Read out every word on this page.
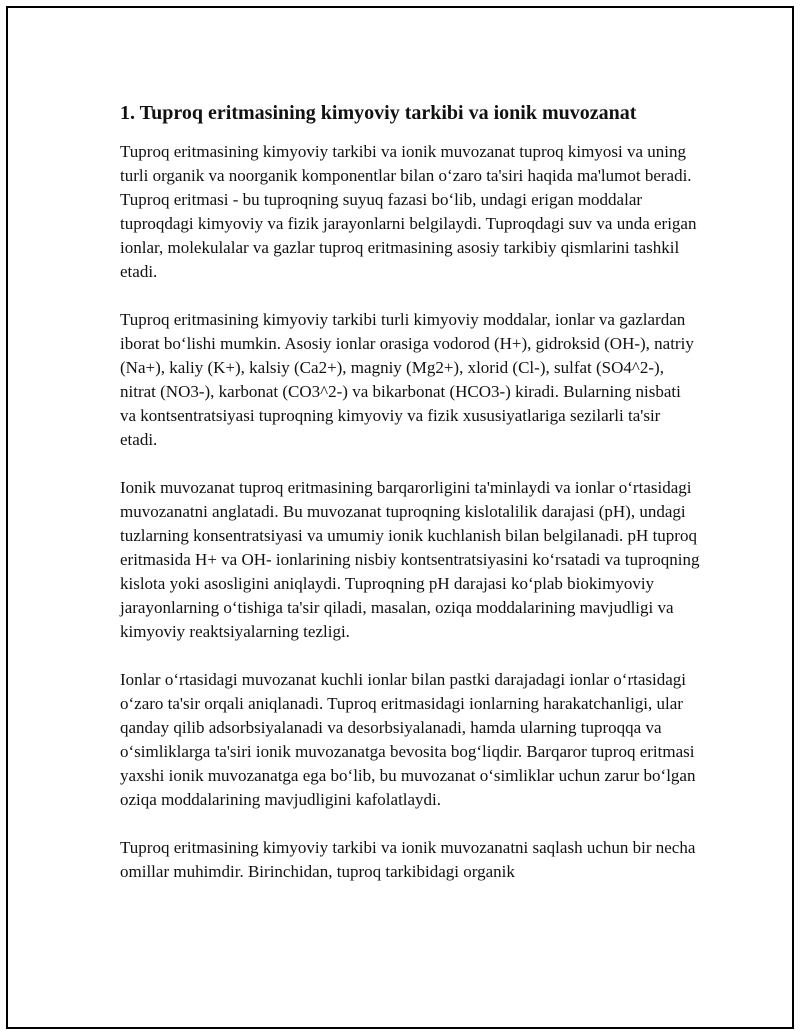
1. Tuproq eritmasining kimyoviy tarkibi va ionik muvozanat

Tuproq eritmasining kimyoviy tarkibi va ionik muvozanat tuproq kimyosi va uning turli organik va noorganik komponentlar bilan oʻzaro ta'siri haqida ma'lumot beradi. Tuproq eritmasi - bu tuproqning suyuq fazasi boʻlib, undagi erigan moddalar tuproqdagi kimyoviy va fizik jarayonlarni belgilaydi. Tuproqdagi suv va unda erigan ionlar, molekulalar va gazlar tuproq eritmasining asosiy tarkibiy qismlarini tashkil etadi.

Tuproq eritmasining kimyoviy tarkibi turli kimyoviy moddalar, ionlar va gazlardan iborat boʻlishi mumkin. Asosiy ionlar orasiga vodorod (H+), gidroksid (OH-), natriy (Na+), kaliy (K+), kalsiy (Ca2+), magniy (Mg2+), xlorid (Cl-), sulfat (SO4^2-), nitrat (NO3-), karbonat (CO3^2-) va bikarbonat (HCO3-) kiradi. Bularning nisbati va kontsentratsiyasi tuproqning kimyoviy va fizik xususiyatlariga sezilarli ta'sir etadi.

Ionik muvozanat tuproq eritmasining barqarorligini ta'minlaydi va ionlar oʻrtasidagi muvozanatni anglatadi. Bu muvozanat tuproqning kislotalilik darajasi (pH), undagi tuzlarning konsentratsiyasi va umumiy ionik kuchlanish bilan belgilanadi. pH tuproq eritmasida H+ va OH- ionlarining nisbiy kontsentratsiyasini koʻrsatadi va tuproqning kislota yoki asosligini aniqlaydi. Tuproqning pH darajasi koʻplab biokimyoviy jarayonlarning oʻtishiga ta'sir qiladi, masalan, oziqa moddalarining mavjudligi va kimyoviy reaktsiyalarning tezligi.

Ionlar oʻrtasidagi muvozanat kuchli ionlar bilan pastki darajadagi ionlar oʻrtasidagi oʻzaro ta'sir orqali aniqlanadi. Tuproq eritmasidagi ionlarning harakatchanligi, ular qanday qilib adsorbsiyalanadi va desorbsiyalanadi, hamda ularning tuproqqa va oʻsimliklarga ta'siri ionik muvozanatga bevosita bogʻliqdir. Barqaror tuproq eritmasi yaxshi ionik muvozanatga ega boʻlib, bu muvozanat oʻsimliklar uchun zarur boʻlgan oziqa moddalarining mavjudligini kafolatlaydi.

Tuproq eritmasining kimyoviy tarkibi va ionik muvozanatni saqlash uchun bir necha omillar muhimdir. Birinchidan, tuproq tarkibidagi organik
